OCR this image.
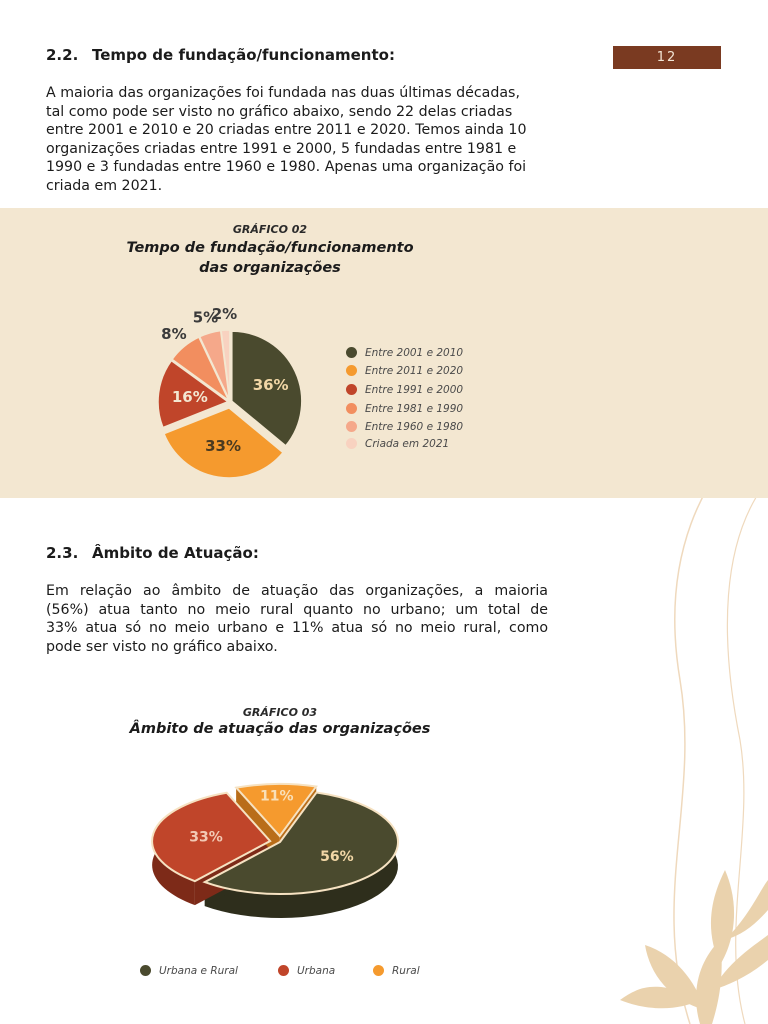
12
2.2. Tempo de fundação/funcionamento:
A maioria das organizações foi fundada nas duas últimas décadas,
tal como pode ser visto no gráfico abaixo, sendo 22 delas criadas
entre 2001 e 2010 e 20 criadas entre 2011 e 2020. Temos ainda 10
organizações criadas entre 1991 e 2000, 5 fundadas entre 1981 e
1990 e 3 fundadas entre 1960 e 1980. Apenas uma organização foi
criada em 2021.
GRÁFICO 02
Tempo de fundação/funcionamento
das organizações
36%
33%
16%
8%
5%
2%
Entre 2001 e 2010
Entre 2011 e 2020
Entre 1991 e 2000
Entre 1981 e 1990
Entre 1960 e 1980
Criada em 2021
2.3. Âmbito de Atuação:
Em relação ao âmbito de atuação das organizações, a maioria
(56%) atua tanto no meio rural quanto no urbano; um total de
33% atua só no meio urbano e 11% atua só no meio rural, como
pode ser visto no gráfico abaixo.
GRÁFICO 03
Âmbito de atuação das organizações
56%
33%
11%
Urbana e Rural	Urbana	Rural
